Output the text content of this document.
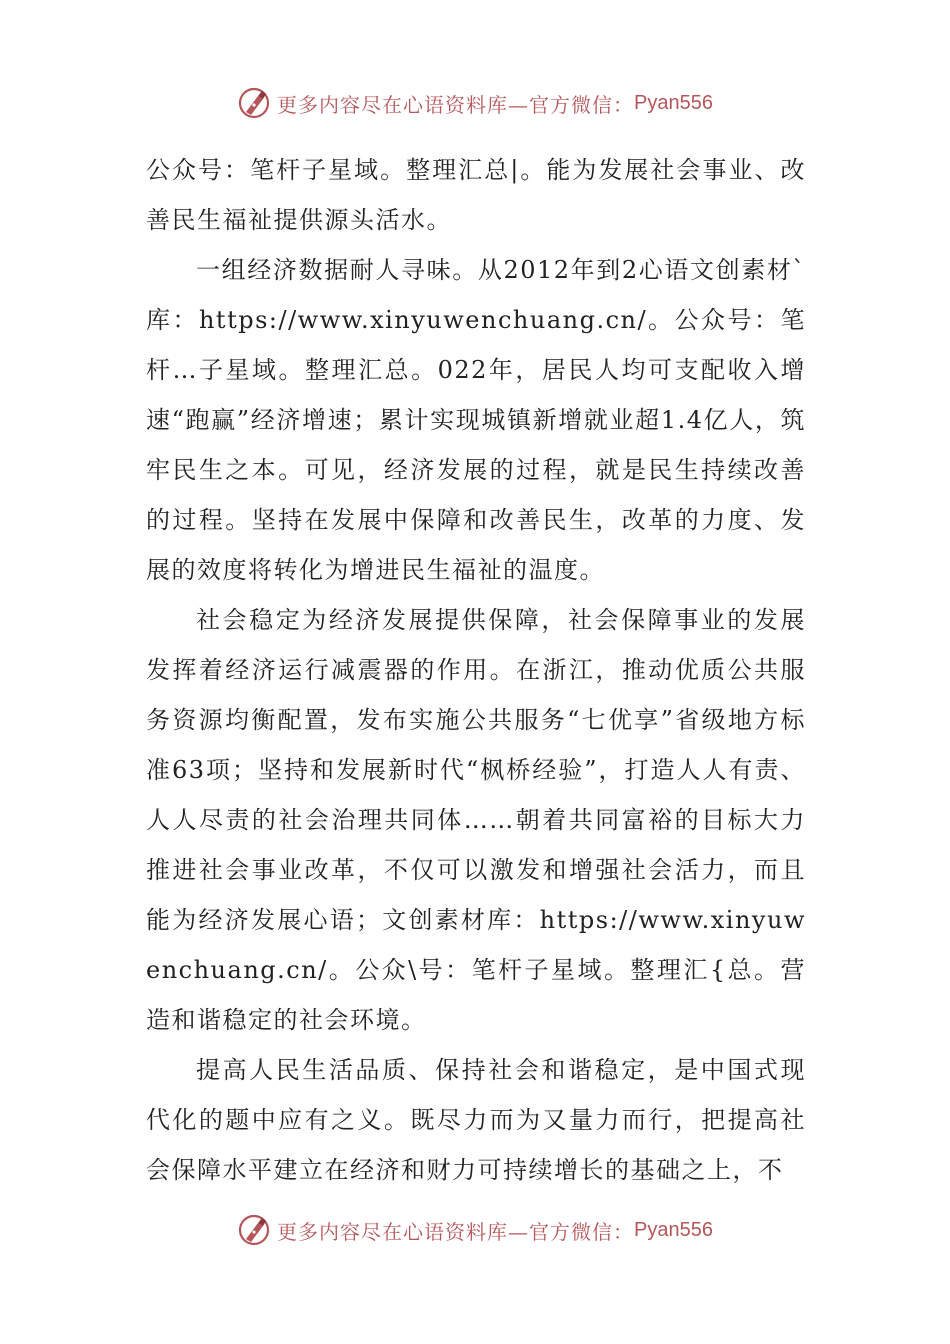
更多内容尽在心语资料库—官方微信： Pyan556

公众号：笔杆子星域。整理汇总|。能为发展社会事业、改善民生福祉提供源头活水。

一组经济数据耐人寻味。从2012年到2心语文创素材`库：https://www.xinyuwenchuang.cn/。公众号：笔杆…子星域。整理汇总。022年，居民人均可支配收入增速“跑赢”经济增速；累计实现城镇新增就业超1.4亿人，筑牢民生之本。可见，经济发展的过程，就是民生持续改善的过程。坚持在发展中保障和改善民生，改革的力度、发展的效度将转化为增进民生福祉的温度。

社会稳定为经济发展提供保障，社会保障事业的发展发挥着经济运行减震器的作用。在浙江，推动优质公共服务资源均衡配置，发布实施公共服务“七优享”省级地方标准63项；坚持和发展新时代“枫桥经验”，打造人人有责、人人尽责的社会治理共同体……朝着共同富裕的目标大力推进社会事业改革，不仅可以激发和增强社会活力，而且能为经济发展心语；文创素材库：https://www.xinyuwenchuang.cn/。公众\号：笔杆子星域。整理汇{总。营造和谐稳定的社会环境。

提高人民生活品质、保持社会和谐稳定，是中国式现代化的题中应有之义。既尽力而为又量力而行，把提高社会保障水平建立在经济和财力可持续增长的基础之上，不

更多内容尽在心语资料库—官方微信： Pyan556
